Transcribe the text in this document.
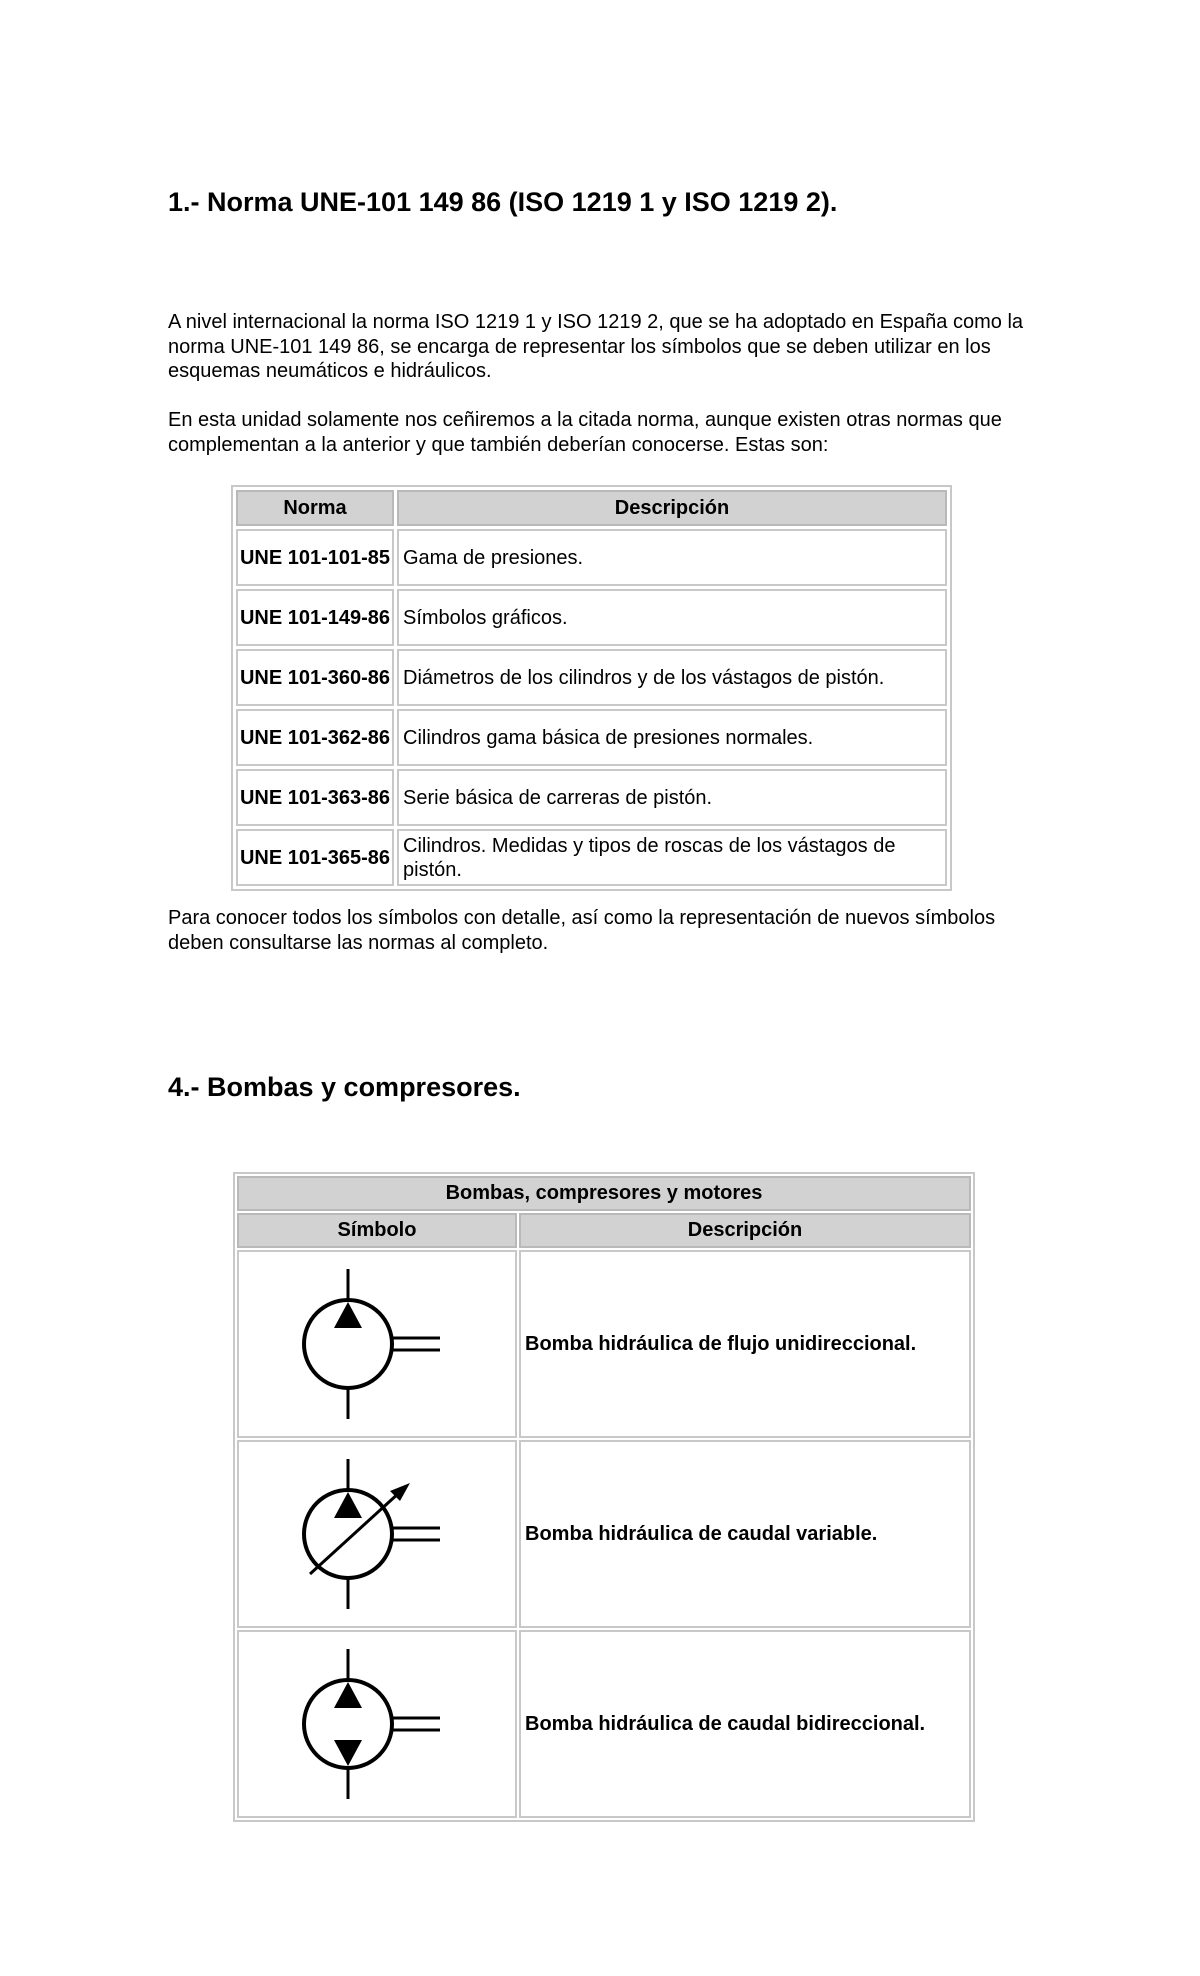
1.- Norma UNE-101 149 86 (ISO 1219 1 y ISO 1219 2).

A nivel internacional la norma ISO 1219 1 y ISO 1219 2, que se ha adoptado en España como la norma UNE-101 149 86, se encarga de representar los símbolos que se deben utilizar en los esquemas neumáticos e hidráulicos.

En esta unidad solamente nos ceñiremos a la citada norma, aunque existen otras normas que complementan a la anterior y que también deberían conocerse. Estas son:

Norma	Descripción
UNE 101-101-85	Gama de presiones.
UNE 101-149-86	Símbolos gráficos.
UNE 101-360-86	Diámetros de los cilindros y de los vástagos de pistón.
UNE 101-362-86	Cilindros gama básica de presiones normales.
UNE 101-363-86	Serie básica de carreras de pistón.
UNE 101-365-86	Cilindros. Medidas y tipos de roscas de los vástagos de pistón.

Para conocer todos los símbolos con detalle, así como la representación de nuevos símbolos deben consultarse las normas al completo.

4.- Bombas y compresores.
Bombas, compresores y motores	
Símbolo	Descripción

	Bomba hidráulica de flujo unidireccional.

	Bomba hidráulica de caudal variable.

	Bomba hidráulica de caudal bidireccional.
